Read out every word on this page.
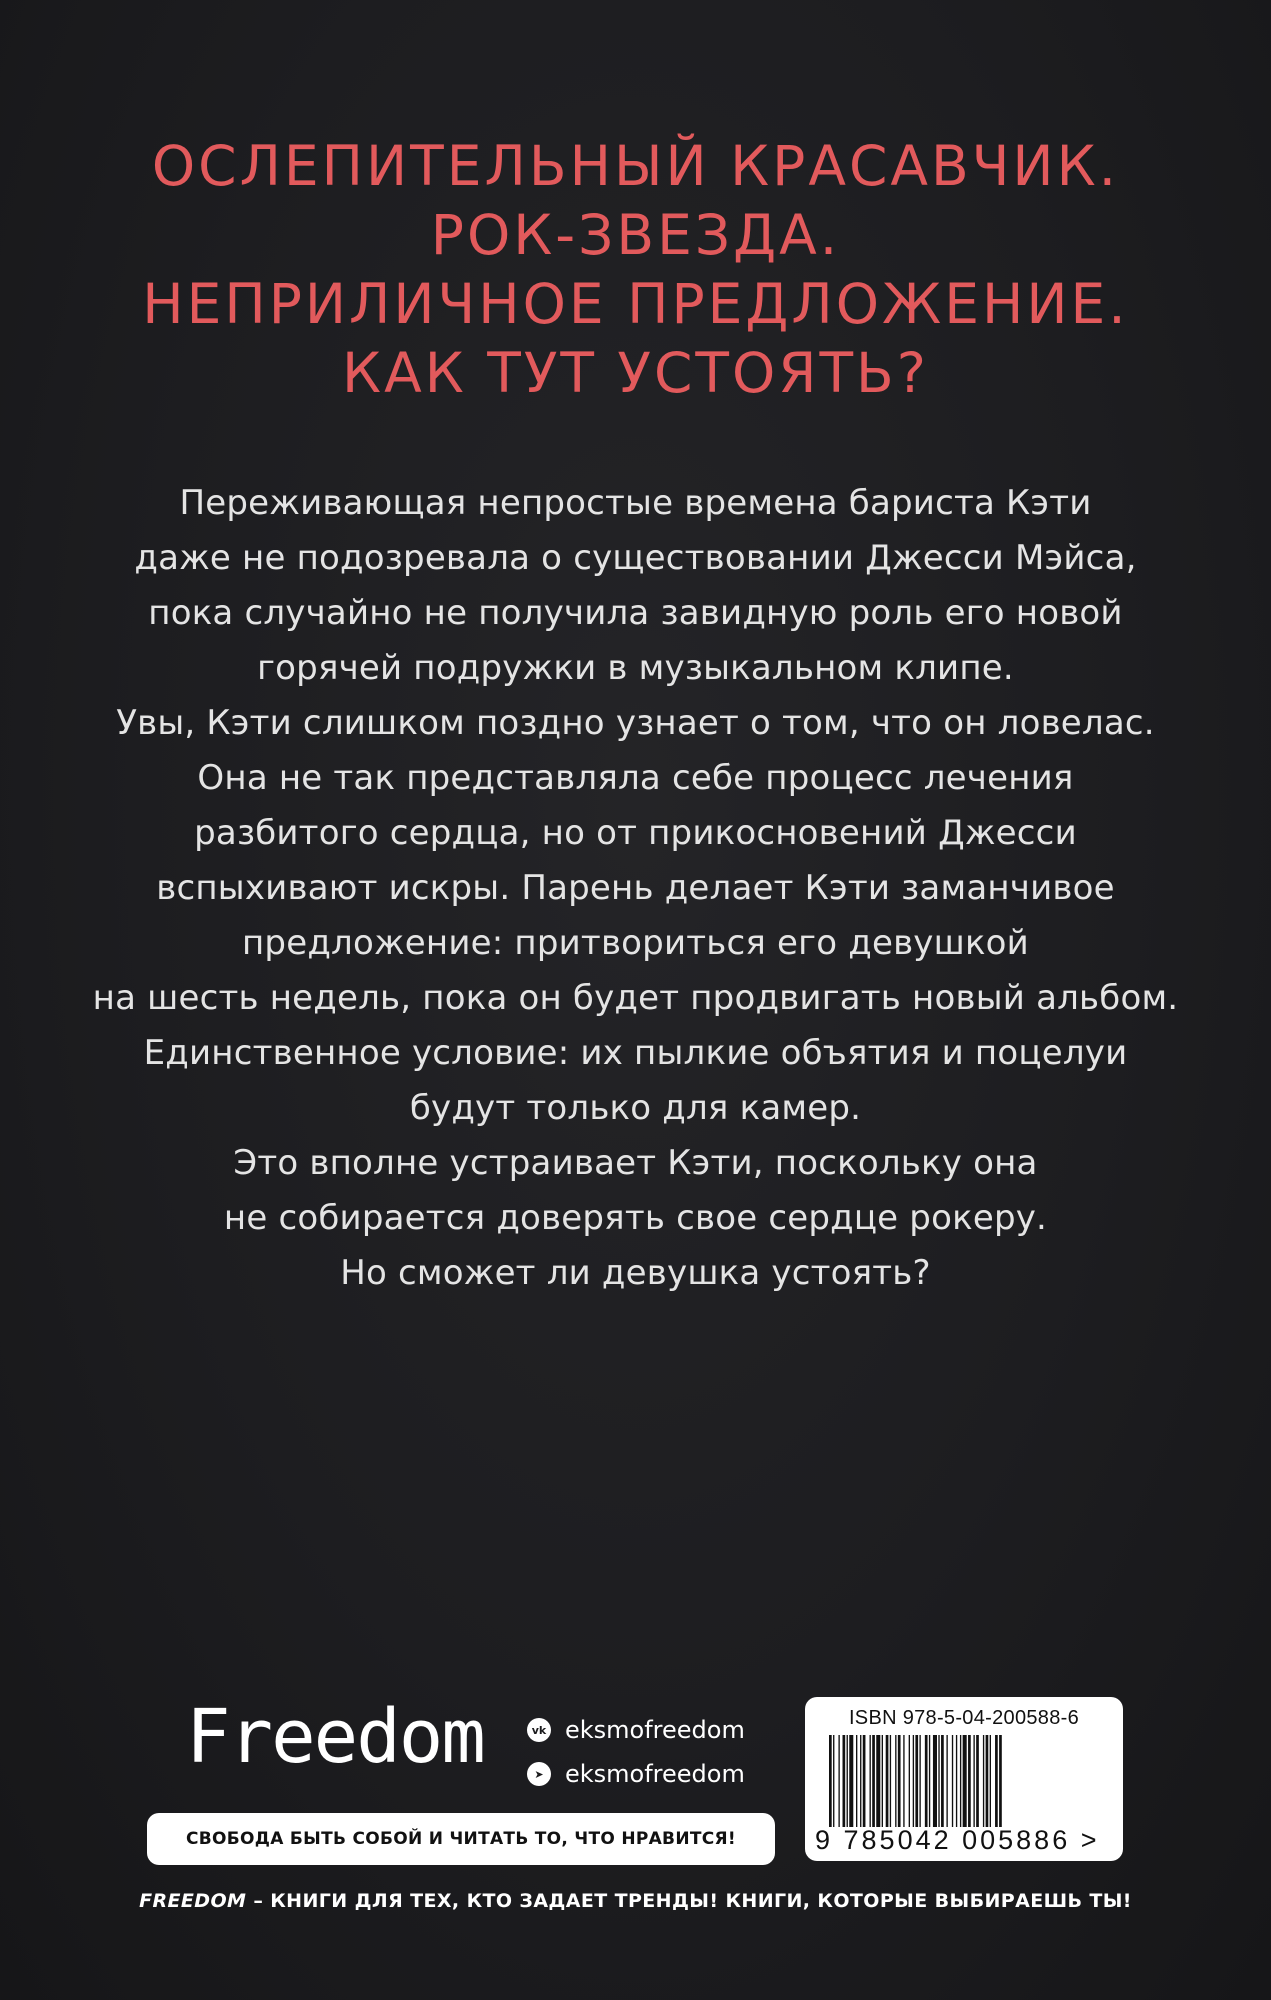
ОСЛЕПИТЕЛЬНЫЙ КРАСАВЧИК.
РОК-ЗВЕЗДА.
НЕПРИЛИЧНОЕ ПРЕДЛОЖЕНИЕ.
КАК ТУТ УСТОЯТЬ?
Переживающая непростые времена бариста Кэти
даже не подозревала о существовании Джесси Мэйса,
пока случайно не получила завидную роль его новой
горячей подружки в музыкальном клипе.
Увы, Кэти слишком поздно узнает о том, что он ловелас.
Она не так представляла себе процесс лечения
разбитого сердца, но от прикосновений Джесси
вспыхивают искры. Парень делает Кэти заманчивое
предложение: притвориться его девушкой
на шесть недель, пока он будет продвигать новый альбом.
Единственное условие: их пылкие объятия и поцелуи
будут только для камер.
Это вполне устраивает Кэти, поскольку она
не собирается доверять свое сердце рокеру.
Но сможет ли девушка устоять?
Freedom	vk eksmofreedom
➤ eksmofreedom
СВОБОДА БЫТЬ СОБОЙ И ЧИТАТЬ ТО, ЧТО НРАВИТСЯ!
ISBN 978-5-04-200588-6
9 785042 005886 >
FREEDOM – КНИГИ ДЛЯ ТЕХ, КТО ЗАДАЕТ ТРЕНДЫ! КНИГИ, КОТОРЫЕ ВЫБИРАЕШЬ ТЫ!
